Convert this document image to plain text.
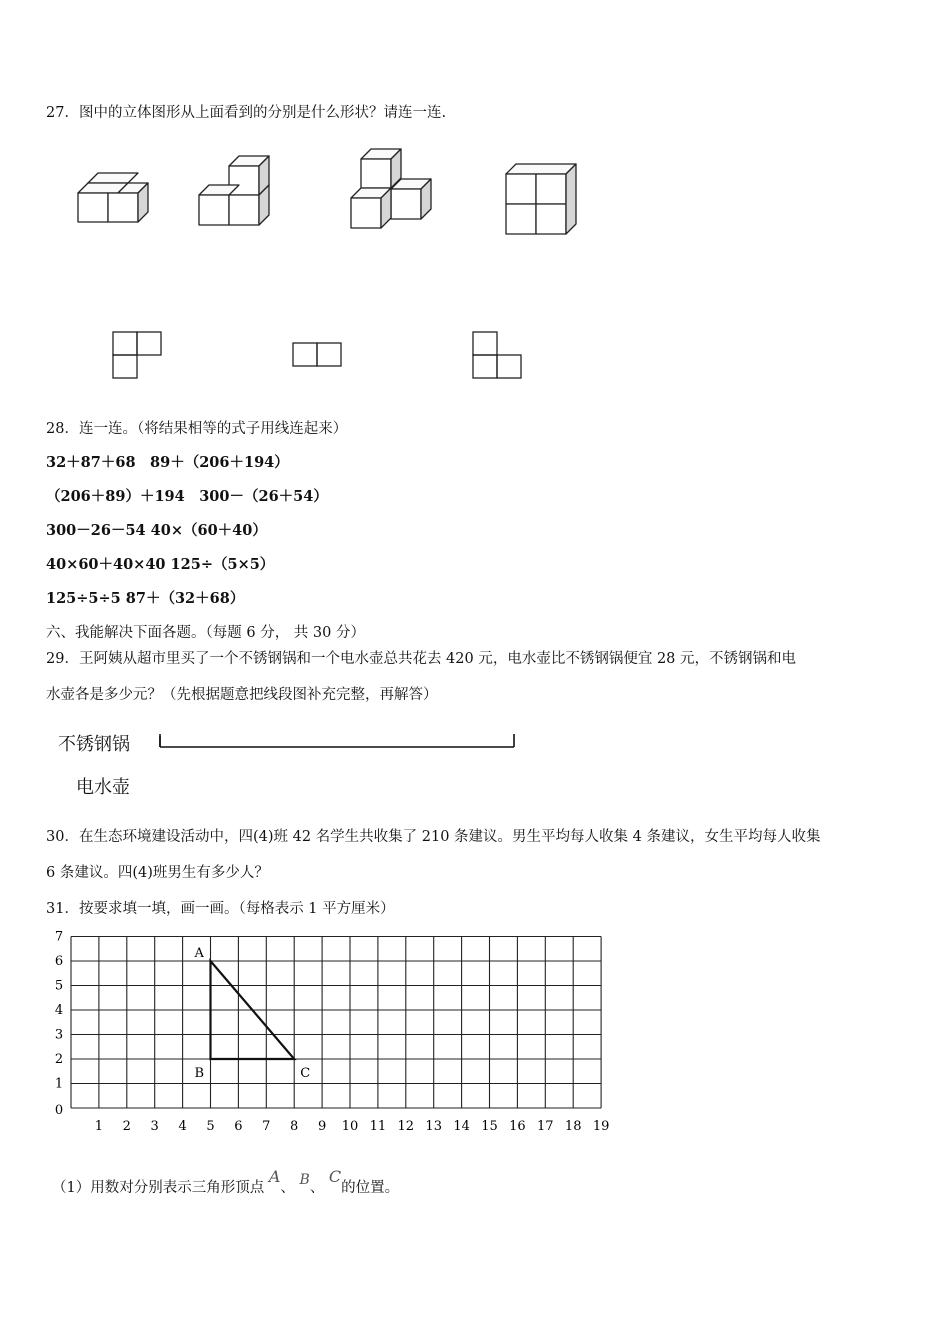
27．图中的立体图形从上面看到的分别是什么形状？请连一连.
28．连一连。（将结果相等的式子用线连起来）
32＋87＋68　89＋（206＋194）
（206＋89）＋194　300－（26＋54）
300－26－54 40×（60＋40）
40×60＋40×40 125÷（5×5）
125÷5÷5 87＋（32＋68）
六、我能解决下面各题。（每题 6 分， 共 30 分）
29．王阿姨从超市里买了一个不锈钢锅和一个电水壶总共花去 420 元，电水壶比不锈钢锅便宜 28 元，不锈钢锅和电
水壶各是多少元？（先根据题意把线段图补充完整，再解答）
不锈钢锅
电水壶
30．在生态环境建设活动中，四(4)班 42 名学生共收集了 210 条建议。男生平均每人收集 4 条建议，女生平均每人收集
6 条建议。四(4)班男生有多少人？
31．按要求填一填，画一画。（每格表示 1 平方厘米）
1 2 3 4 5 6 7 8 9 10 11 12 13 14 15 16 17 18 19
0
1
2
3
4
5
6
7
A
B	C
（1）用数对分别表示三角形顶点 A、 B、 C的位置。
